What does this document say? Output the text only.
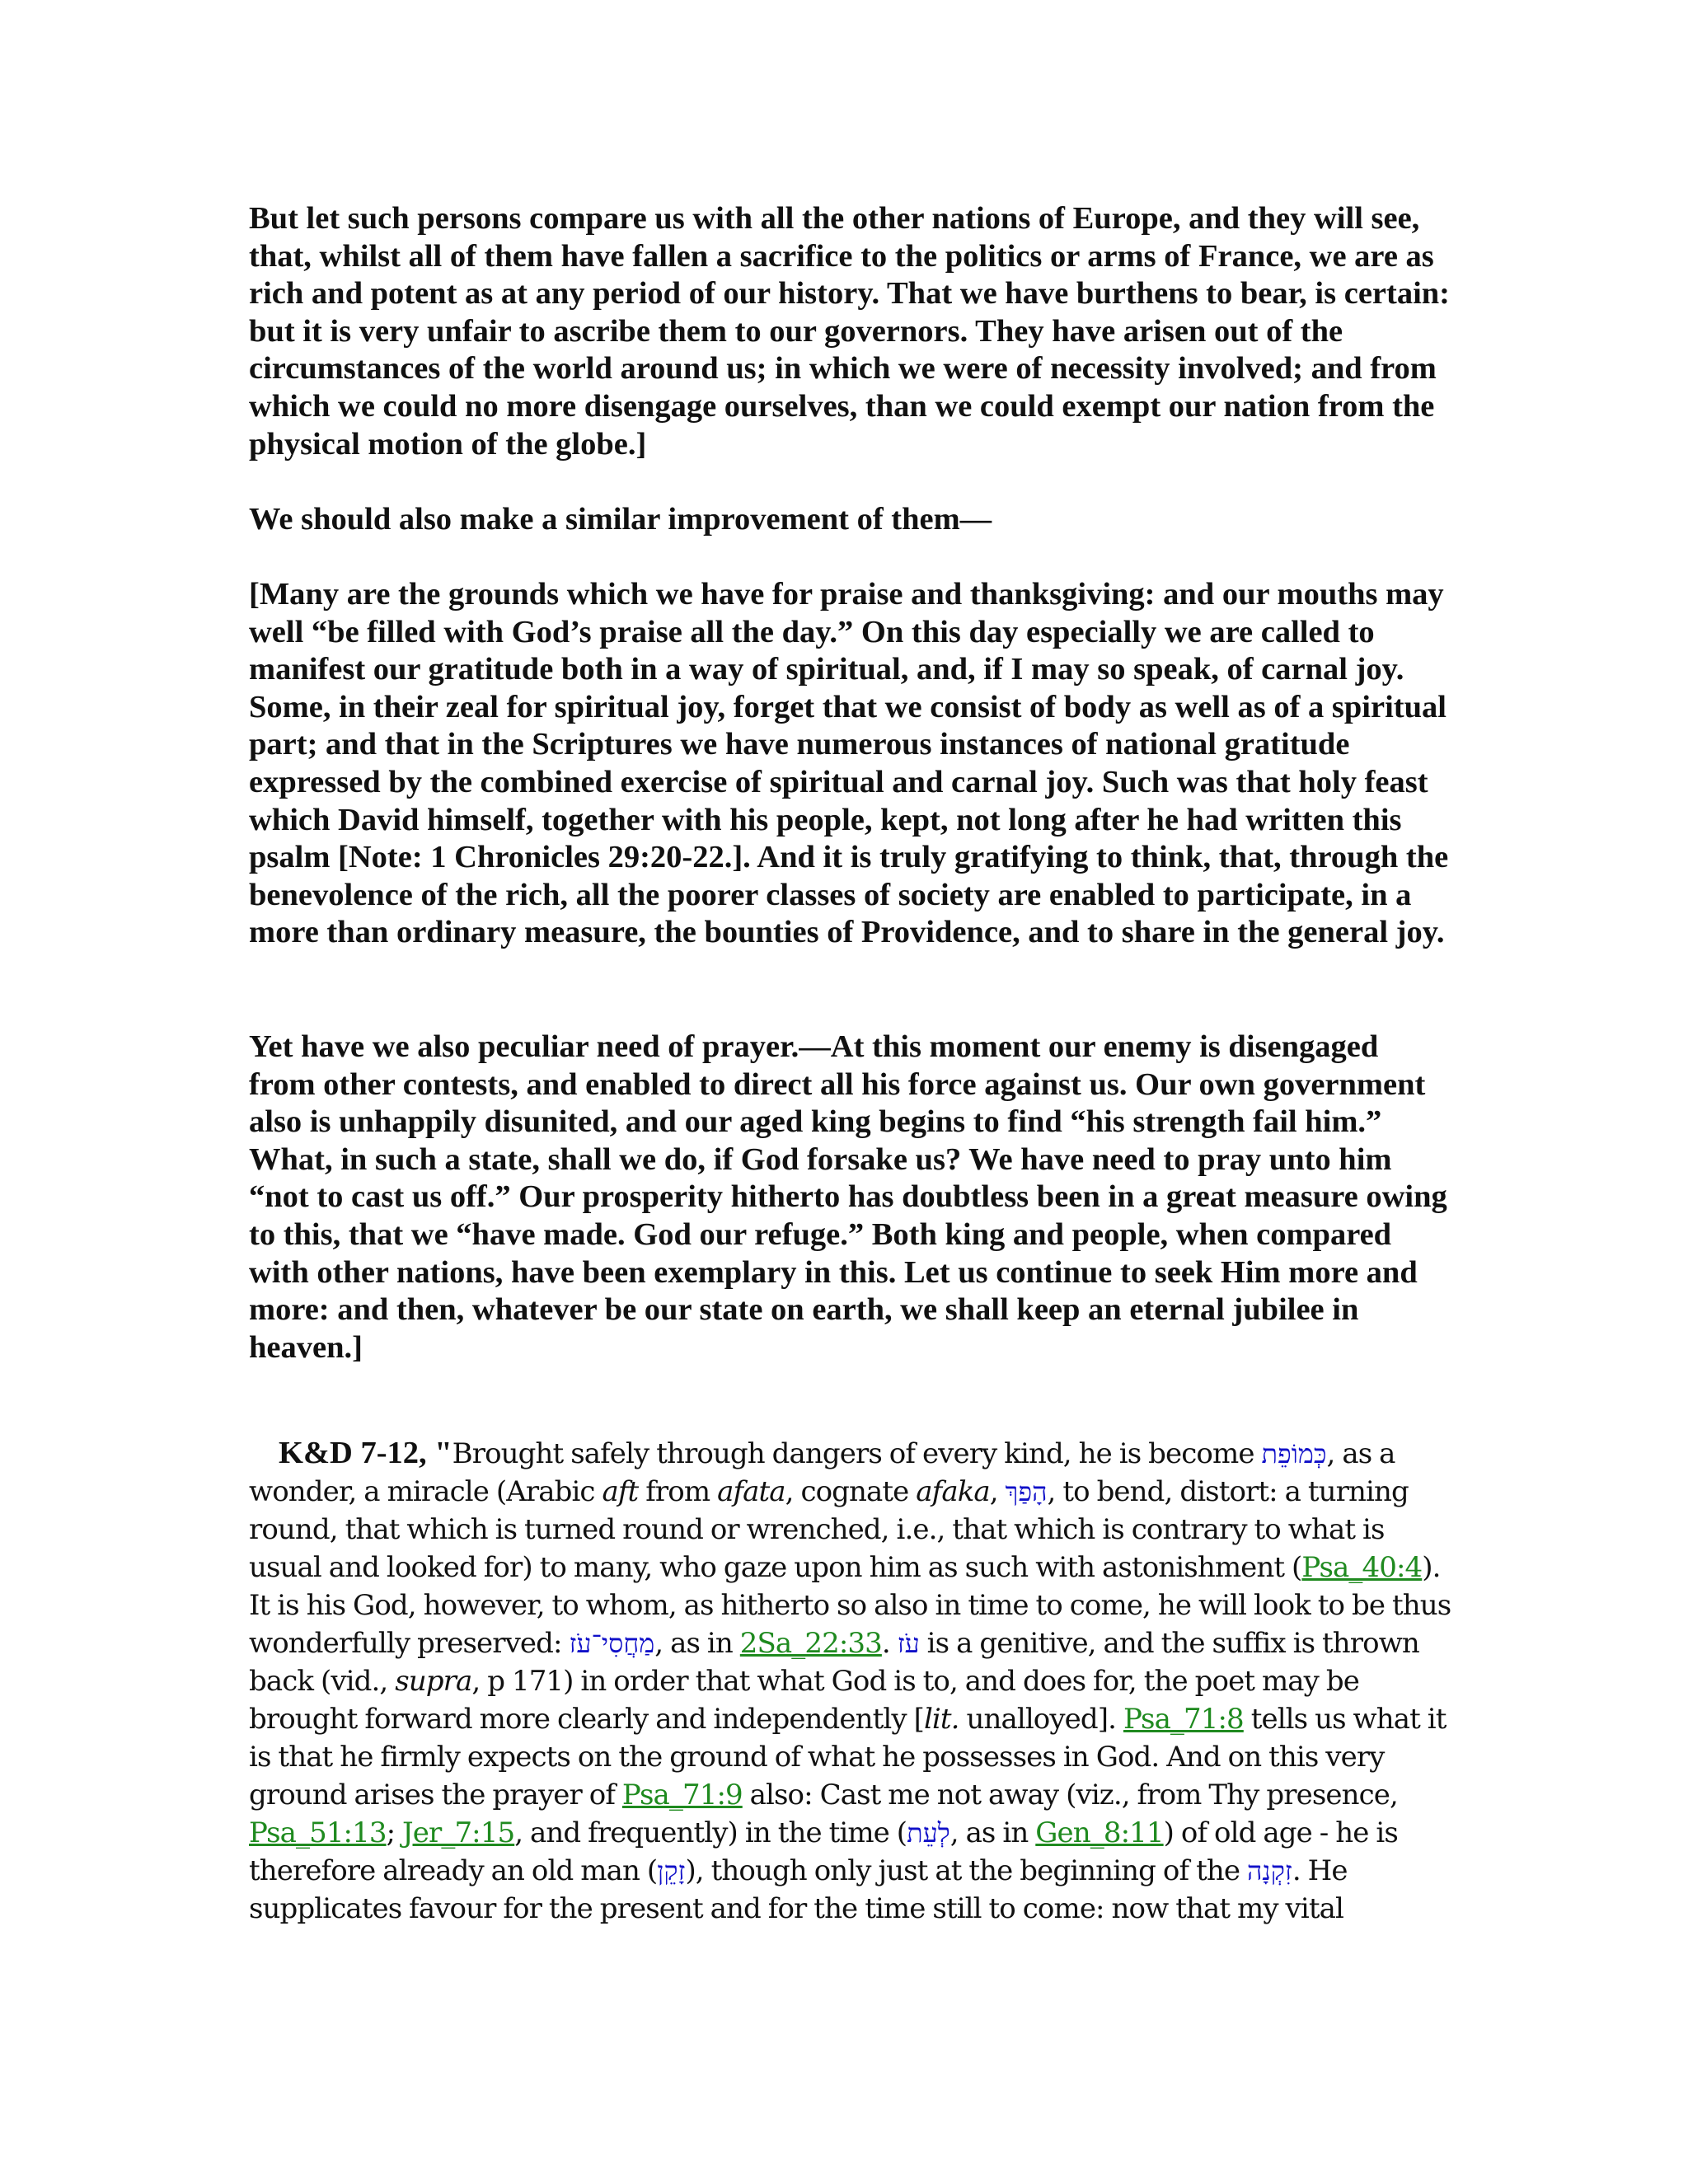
But let such persons compare us with all the other nations of Europe, and they will see, that, whilst all of them have fallen a sacrifice to the politics or arms of France, we are as rich and potent as at any period of our history. That we have burthens to bear, is certain: but it is very unfair to ascribe them to our governors. They have arisen out of the circumstances of the world around us; in which we were of necessity involved; and from which we could no more disengage ourselves, than we could exempt our nation from the physical motion of the globe.]

We should also make a similar improvement of them—

[Many are the grounds which we have for praise and thanksgiving: and our mouths may well “be filled with God’s praise all the day.” On this day especially we are called to manifest our gratitude both in a way of spiritual, and, if I may so speak, of carnal joy. Some, in their zeal for spiritual joy, forget that we consist of body as well as of a spiritual part; and that in the Scriptures we have numerous instances of national gratitude expressed by the combined exercise of spiritual and carnal joy. Such was that holy feast which David himself, together with his people, kept, not long after he had written this psalm [Note: 1 Chronicles 29:20-22.]. And it is truly gratifying to think, that, through the benevolence of the rich, all the poorer classes of society are enabled to participate, in a more than ordinary measure, the bounties of Providence, and to share in the general joy.

Yet have we also peculiar need of prayer.—At this moment our enemy is disengaged from other contests, and enabled to direct all his force against us. Our own government also is unhappily disunited, and our aged king begins to find “his strength fail him.” What, in such a state, shall we do, if God forsake us? We have need to pray unto him “not to cast us off.” Our prosperity hitherto has doubtless been in a great measure owing to this, that we “have made. God our refuge.” Both king and people, when compared with other nations, have been exemplary in this. Let us continue to seek Him more and more: and then, whatever be our state on earth, we shall keep an eternal jubilee in heaven.]

K&D 7-12, "Brought safely through dangers of every kind, he is become כְּמוֹפֵת, as a wonder, a miracle (Arabic aft from afata, cognate afaka, הָפַךְ, to bend, distort: a turning round, that which is turned round or wrenched, i.e., that which is contrary to what is usual and looked for) to many, who gaze upon him as such with astonishment (Psa_40:4). It is his God, however, to whom, as hitherto so also in time to come, he will look to be thus wonderfully preserved: מַחֲסִי־עֹז, as in 2Sa_22:33. עֹז is a genitive, and the suffix is thrown back (vid., supra, p 171) in order that what God is to, and does for, the poet may be brought forward more clearly and independently [lit. unalloyed]. Psa_71:8 tells us what it is that he firmly expects on the ground of what he possesses in God. And on this very ground arises the prayer of Psa_71:9 also: Cast me not away (viz., from Thy presence, Psa_51:13; Jer_7:15, and frequently) in the time (לְעֵת, as in Gen_8:11) of old age - he is therefore already an old man (זָקֵן), though only just at the beginning of the זִקְנָה. He supplicates favour for the present and for the time still to come: now that my vital
